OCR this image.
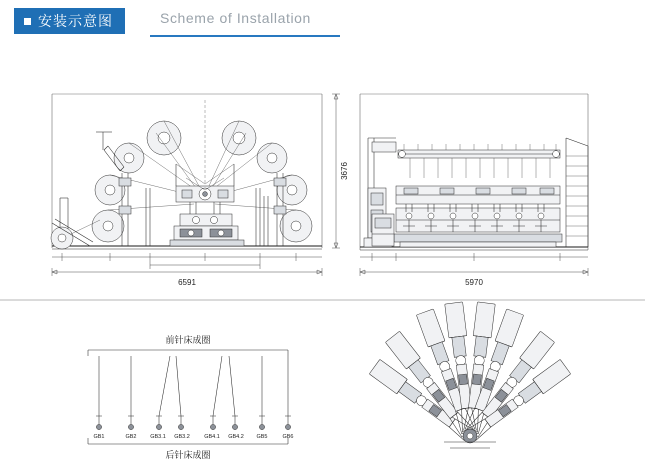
安装示意图	Scheme of Installation
6591	5970
3676
前针床成圈
后针床成圈
GB1	GB2 GB3.1 GB3.2	GB4.1 GB4.2 GB5	GB6
